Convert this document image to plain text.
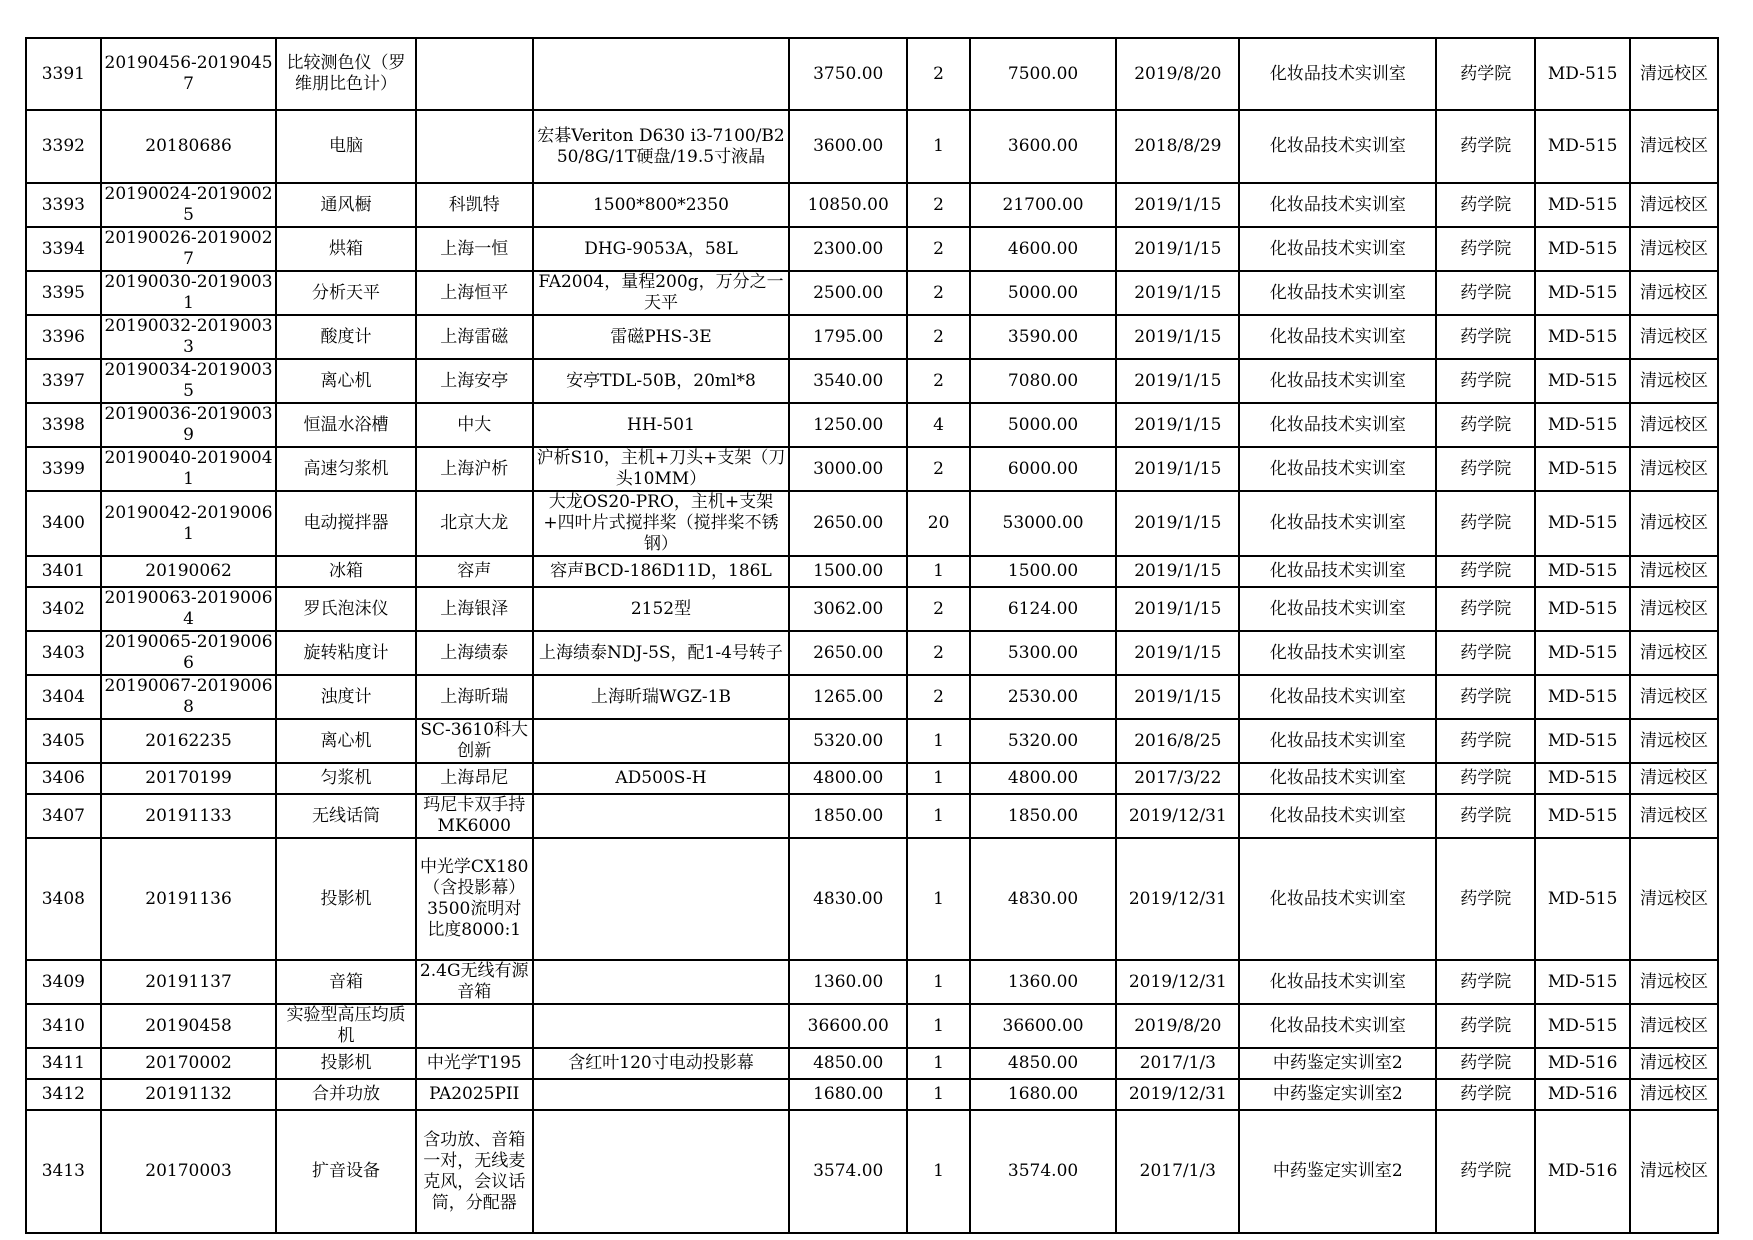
3391	20190456-20190457	比较测色仪（罗维朋比色计）			3750.00	2	7500.00	2019/8/20	化妆品技术实训室	药学院	MD-515	清远校区
3392	20180686	电脑		宏碁Veriton D630 i3-7100/B250/8G/1T硬盘/19.5寸液晶	3600.00	1	3600.00	2018/8/29	化妆品技术实训室	药学院	MD-515	清远校区
3393	20190024-20190025	通风橱	科凯特	1500*800*2350	10850.00	2	21700.00	2019/1/15	化妆品技术实训室	药学院	MD-515	清远校区
3394	20190026-20190027	烘箱	上海一恒	DHG-9053A，58L	2300.00	2	4600.00	2019/1/15	化妆品技术实训室	药学院	MD-515	清远校区
3395	20190030-20190031	分析天平	上海恒平	FA2004，量程200g，万分之一天平	2500.00	2	5000.00	2019/1/15	化妆品技术实训室	药学院	MD-515	清远校区
3396	20190032-20190033	酸度计	上海雷磁	雷磁PHS-3E	1795.00	2	3590.00	2019/1/15	化妆品技术实训室	药学院	MD-515	清远校区
3397	20190034-20190035	离心机	上海安亭	安亭TDL-50B，20ml*8	3540.00	2	7080.00	2019/1/15	化妆品技术实训室	药学院	MD-515	清远校区
3398	20190036-20190039	恒温水浴槽	中大	HH-501	1250.00	4	5000.00	2019/1/15	化妆品技术实训室	药学院	MD-515	清远校区
3399	20190040-20190041	高速匀浆机	上海沪析	沪析S10，主机+刀头+支架（刀头10MM）	3000.00	2	6000.00	2019/1/15	化妆品技术实训室	药学院	MD-515	清远校区
3400	20190042-20190061	电动搅拌器	北京大龙	大龙OS20-PRO，主机+支架+四叶片式搅拌桨（搅拌桨不锈钢）	2650.00	20	53000.00	2019/1/15	化妆品技术实训室	药学院	MD-515	清远校区
3401	20190062	冰箱	容声	容声BCD-186D11D，186L	1500.00	1	1500.00	2019/1/15	化妆品技术实训室	药学院	MD-515	清远校区
3402	20190063-20190064	罗氏泡沫仪	上海银泽	2152型	3062.00	2	6124.00	2019/1/15	化妆品技术实训室	药学院	MD-515	清远校区
3403	20190065-20190066	旋转粘度计	上海绩泰	上海绩泰NDJ-5S，配1-4号转子	2650.00	2	5300.00	2019/1/15	化妆品技术实训室	药学院	MD-515	清远校区
3404	20190067-20190068	浊度计	上海昕瑞	上海昕瑞WGZ-1B	1265.00	2	2530.00	2019/1/15	化妆品技术实训室	药学院	MD-515	清远校区
3405	20162235	离心机	SC-3610科大创新		5320.00	1	5320.00	2016/8/25	化妆品技术实训室	药学院	MD-515	清远校区
3406	20170199	匀浆机	上海昂尼	AD500S-H	4800.00	1	4800.00	2017/3/22	化妆品技术实训室	药学院	MD-515	清远校区
3407	20191133	无线话筒	玛尼卡双手持MK6000		1850.00	1	1850.00	2019/12/31	化妆品技术实训室	药学院	MD-515	清远校区
3408	20191136	投影机	中光学CX180（含投影幕）3500流明对比度8000:1		4830.00	1	4830.00	2019/12/31	化妆品技术实训室	药学院	MD-515	清远校区
3409	20191137	音箱	2.4G无线有源音箱		1360.00	1	1360.00	2019/12/31	化妆品技术实训室	药学院	MD-515	清远校区
3410	20190458	实验型高压均质机			36600.00	1	36600.00	2019/8/20	化妆品技术实训室	药学院	MD-515	清远校区
3411	20170002	投影机	中光学T195	含红叶120寸电动投影幕	4850.00	1	4850.00	2017/1/3	中药鉴定实训室2	药学院	MD-516	清远校区
3412	20191132	合并功放	PA2025PII		1680.00	1	1680.00	2019/12/31	中药鉴定实训室2	药学院	MD-516	清远校区
3413	20170003	扩音设备	含功放、音箱一对，无线麦克风，会议话筒，分配器		3574.00	1	3574.00	2017/1/3	中药鉴定实训室2	药学院	MD-516	清远校区
